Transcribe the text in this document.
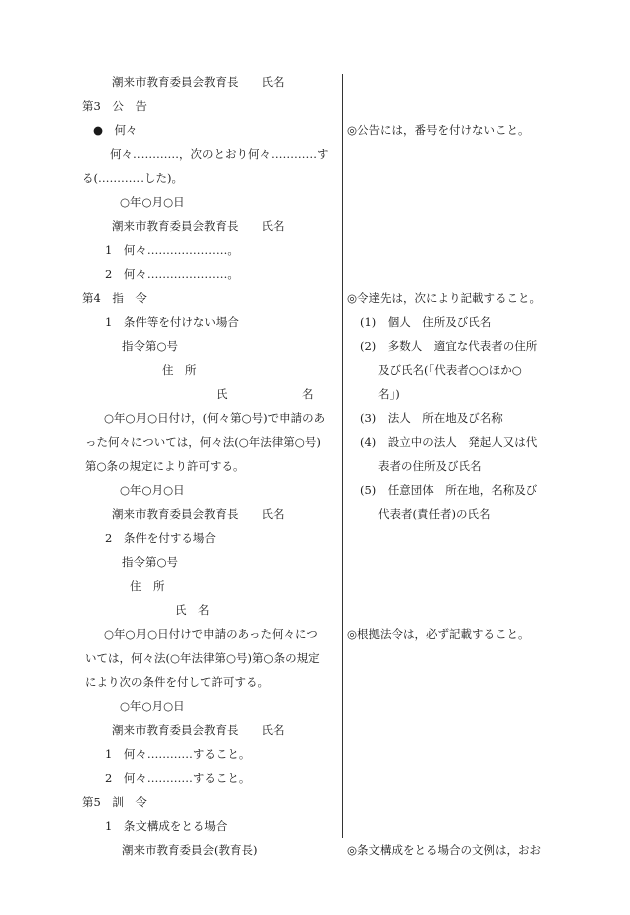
潮来市教育委員会教育長　　氏名
第3　公　告
●　何々
何々…………，次のとおり何々…………す
る(…………した)。
○年○月○日
潮来市教育委員会教育長　　氏名
1　何々…………………。
2　何々…………………。
第4　指　令
1　条件等を付けない場合
指令第○号
住　所
氏	名
○年○月○日付け，(何々第○号)で申請のあ
った何々については，何々法(○年法律第○号)
第○条の規定により許可する。
○年○月○日
潮来市教育委員会教育長　　氏名
2　条件を付する場合
指令第○号
住　所
氏　名
○年○月○日付けで申請のあった何々につ
いては，何々法(○年法律第○号)第○条の規定
により次の条件を付して許可する。
○年○月○日
潮来市教育委員会教育長　　氏名
1　何々…………すること。
2　何々…………すること。
第5　訓　令
1　条文構成をとる場合
潮来市教育委員会(教育長)
◎公告には，番号を付けないこと。
◎令達先は，次により記載すること。
(1)　個人　住所及び氏名
(2)　多数人　適宜な代表者の住所
及び氏名(「代表者○○ほか○
名」)
(3)　法人　所在地及び名称
(4)　設立中の法人　発起人又は代
表者の住所及び氏名
(5)　任意団体　所在地，名称及び
代表者(責任者)の氏名
◎根拠法令は，必ず記載すること。
◎条文構成をとる場合の文例は，おお
